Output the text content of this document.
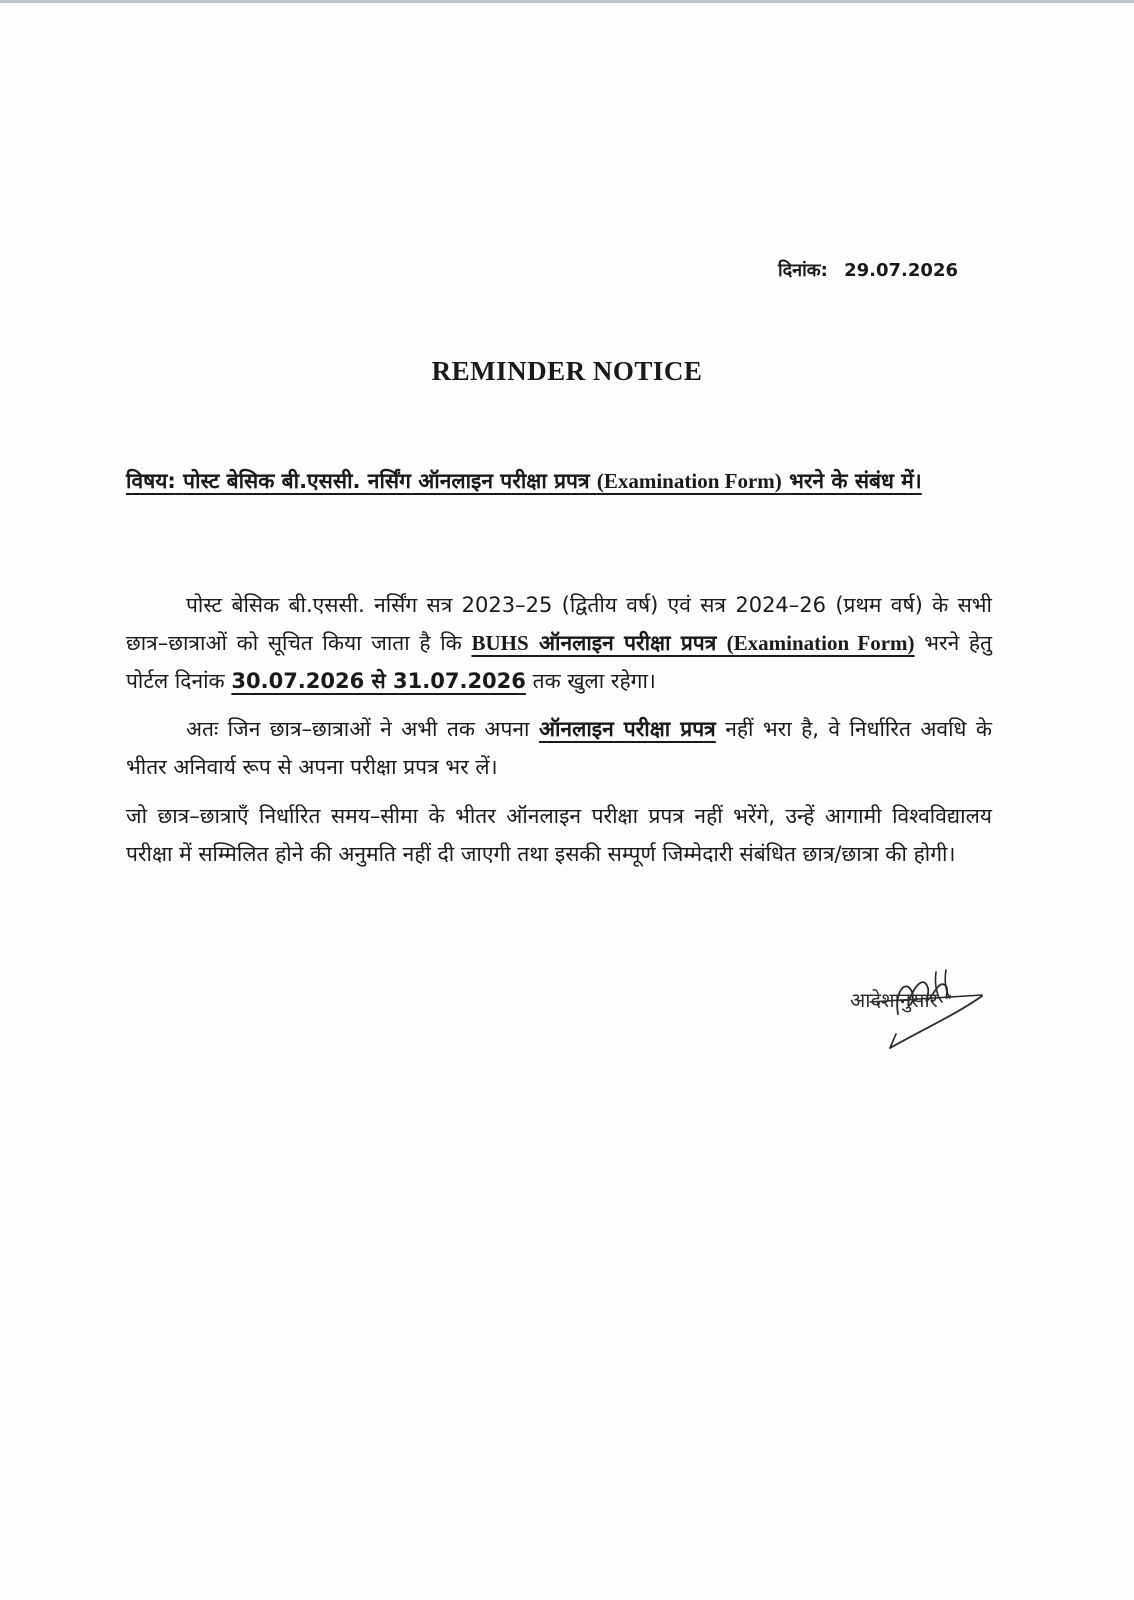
दिनांक: 29.07.2026
REMINDER NOTICE
विषय: पोस्ट बेसिक बी.एससी. नर्सिंग ऑनलाइन परीक्षा प्रपत्र (Examination Form) भरने के संबंध में।

पोस्ट बेसिक बी.एससी. नर्सिंग सत्र 2023–25 (द्वितीय वर्ष) एवं सत्र 2024–26 (प्रथम वर्ष) के सभी छात्र–छात्राओं को सूचित किया जाता है कि BUHS ऑनलाइन परीक्षा प्रपत्र (Examination Form) भरने हेतु पोर्टल दिनांक 30.07.2026 से 31.07.2026 तक खुला रहेगा।

अतः जिन छात्र–छात्राओं ने अभी तक अपना ऑनलाइन परीक्षा प्रपत्र नहीं भरा है, वे निर्धारित अवधि के भीतर अनिवार्य रूप से अपना परीक्षा प्रपत्र भर लें।

जो छात्र–छात्राएँ निर्धारित समय–सीमा के भीतर ऑनलाइन परीक्षा प्रपत्र नहीं भरेंगे, उन्हें आगामी विश्वविद्यालय परीक्षा में सम्मिलित होने की अनुमति नहीं दी जाएगी तथा इसकी सम्पूर्ण जिम्मेदारी संबंधित छात्र/छात्रा की होगी।

आदेशानुसार
